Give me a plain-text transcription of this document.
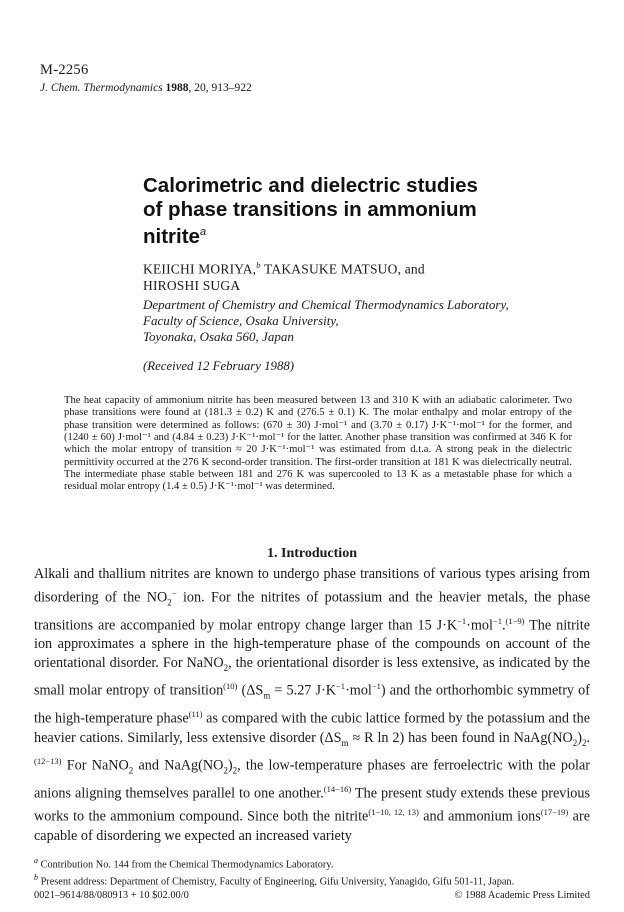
M-2256
J. Chem. Thermodynamics 1988, 20, 913–922
Calorimetric and dielectric studies of phase transitions in ammonium nitrite$^a$
KEIICHI MORIYA,$^b$ TAKASUKE MATSUO, and
HIROSHI SUGA
Department of Chemistry and Chemical Thermodynamics Laboratory,
Faculty of Science, Osaka University,
Toyonaka, Osaka 560, Japan
(Received 12 February 1988)

The heat capacity of ammonium nitrite has been measured between 13 and 310 K with an adiabatic calorimeter. Two phase transitions were found at (181.3 ± 0.2) K and (276.5 ± 0.1) K. The molar enthalpy and molar entropy of the phase transition were determined as follows: (670 ± 30) J·mol⁻¹ and (3.70 ± 0.17) J·K⁻¹·mol⁻¹ for the former, and (1240 ± 60) J·mol⁻¹ and (4.84 ± 0.23) J·K⁻¹·mol⁻¹ for the latter. Another phase transition was confirmed at 346 K for which the molar entropy of transition ≈ 20 J·K⁻¹·mol⁻¹ was estimated from d.t.a. A strong peak in the dielectric permittivity occurred at the 276 K second-order transition. The first-order transition at 181 K was dielectrically neutral. The intermediate phase stable between 181 and 276 K was supercooled to 13 K as a metastable phase for which a residual molar entropy (1.4 ± 0.5) J·K⁻¹·mol⁻¹ was determined.

1. Introduction

Alkali and thallium nitrites are known to undergo phase transitions of various types arising from disordering of the $NO_2^-$ ion. For the nitrites of potassium and the heavier metals, the phase transitions are accompanied by molar entropy change larger than 15 $J\cdot K^{-1}\cdot mol^{-1}.^{(1-9)}$ The nitrite ion approximates a sphere in the high-temperature phase of the compounds on account of the orientational disorder. For NaNO$_2$, the orientational disorder is less extensive, as indicated by the small molar entropy of transition$^{(10)}$ ($\Delta S_m = 5.27$ $J\cdot K^{-1}\cdot mol^{-1}$) and the orthorhombic symmetry of the high-temperature phase$^{(11)}$ as compared with the cubic lattice formed by the potassium and the heavier cations. Similarly, less extensive disorder ($\Delta S_m \approx R$ ln 2) has been found in $NaAg(NO_2)_2.^{(12-13)}$ For NaNO$_2$ and $NaAg(NO_2)_2$, the low-temperature phases are ferroelectric with the polar anions aligning themselves parallel to one another.$^{(14-16)}$ The present study extends these previous works to the ammonium compound. Since both the nitrite$^{(1-10, 12, 13)}$ and ammonium ions$^{(17-19)}$ are capable of disordering we expected an increased variety

$^a$ Contribution No. 144 from the Chemical Thermodynamics Laboratory.

$^b$ Present address: Department of Chemistry, Faculty of Engineering, Gifu University, Yanagido, Gifu 501-11, Japan.

0021–9614/88/080913 + 10 $02.00/0	© 1988 Academic Press Limited
